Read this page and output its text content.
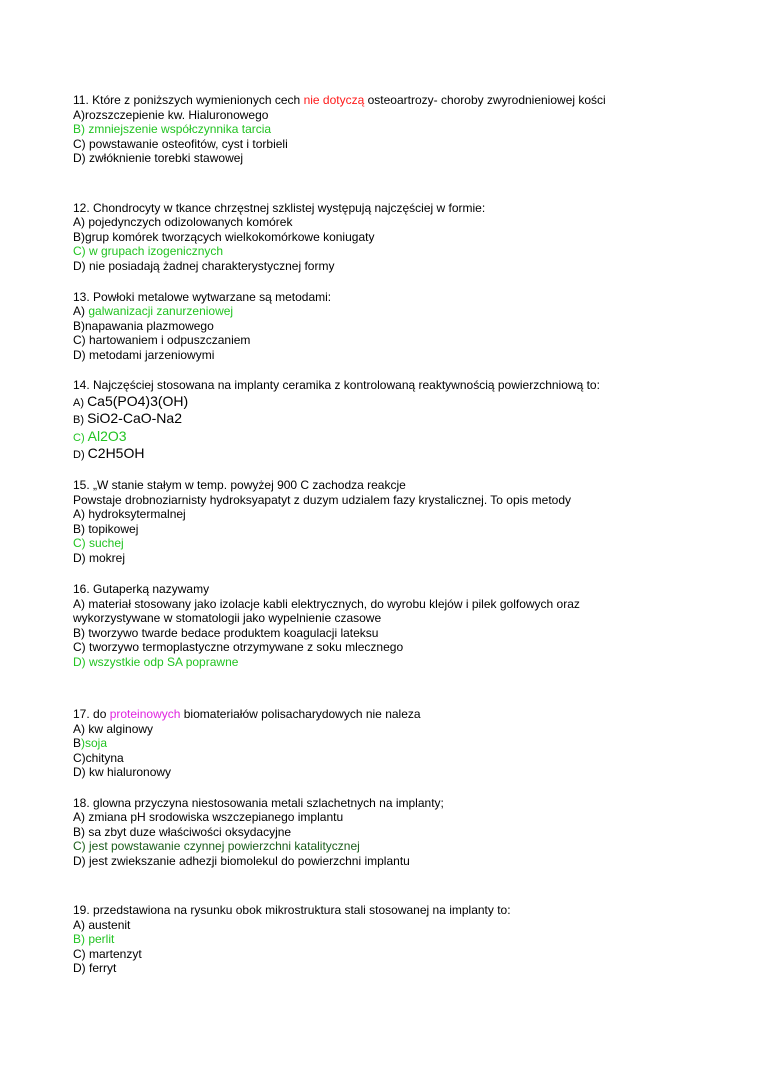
11. Które z poniższych wymienionych cech nie dotyczą osteoartrozy- choroby zwyrodnieniowej kości
A)rozszczepienie kw. Hialuronowego
B) zmniejszenie współczynnika tarcia
C) powstawanie osteofitów, cyst i torbieli
D) zwłóknienie torebki stawowej
12. Chondrocyty w tkance chrzęstnej szklistej występują najczęściej w formie:
A) pojedynczych odizolowanych komórek
B)grup komórek tworzących wielkokomórkowe koniugaty
C) w grupach izogenicznych
D) nie posiadają żadnej charakterystycznej formy
13. Powłoki metalowe wytwarzane są metodami:
A) galwanizacji zanurzeniowej
B)napawania plazmowego
C) hartowaniem i odpuszczaniem
D) metodami jarzeniowymi
14. Najczęściej stosowana na implanty ceramika z kontrolowaną reaktywnością powierzchniową to:
A) Ca5(PO4)3(OH)
B) SiO2-CaO-Na2
C) Al2O3
D) C2H5OH
15. „W stanie stałym w temp. powyżej 900 C zachodza reakcje
Powstaje drobnoziarnisty hydroksyapatyt z duzym udzialem fazy krystalicznej. To opis metody
A) hydroksytermalnej
B) topikowej
C) suchej
D) mokrej
16. Gutaperką nazywamy
A) materiał stosowany jako izolacje kabli elektrycznych, do wyrobu klejów i pilek golfowych oraz
wykorzystywane w stomatologii jako wypelnienie czasowe
B) tworzywo twarde bedace produktem koagulacji lateksu
C) tworzywo termoplastyczne otrzymywane z soku mlecznego
D) wszystkie odp SA poprawne
17. do proteinowych biomateriałów polisacharydowych nie naleza
A) kw alginowy
B)soja
C)chityna
D) kw hialuronowy
18. glowna przyczyna niestosowania metali szlachetnych na implanty;
A) zmiana pH srodowiska wszczepianego implantu
B) sa zbyt duze właściwości oksydacyjne
C) jest powstawanie czynnej powierzchni katalitycznej
D) jest zwiekszanie adhezji biomolekul do powierzchni implantu
19. przedstawiona na rysunku obok mikrostruktura stali stosowanej na implanty to:
A) austenit
B) perlit
C) martenzyt
D) ferryt
